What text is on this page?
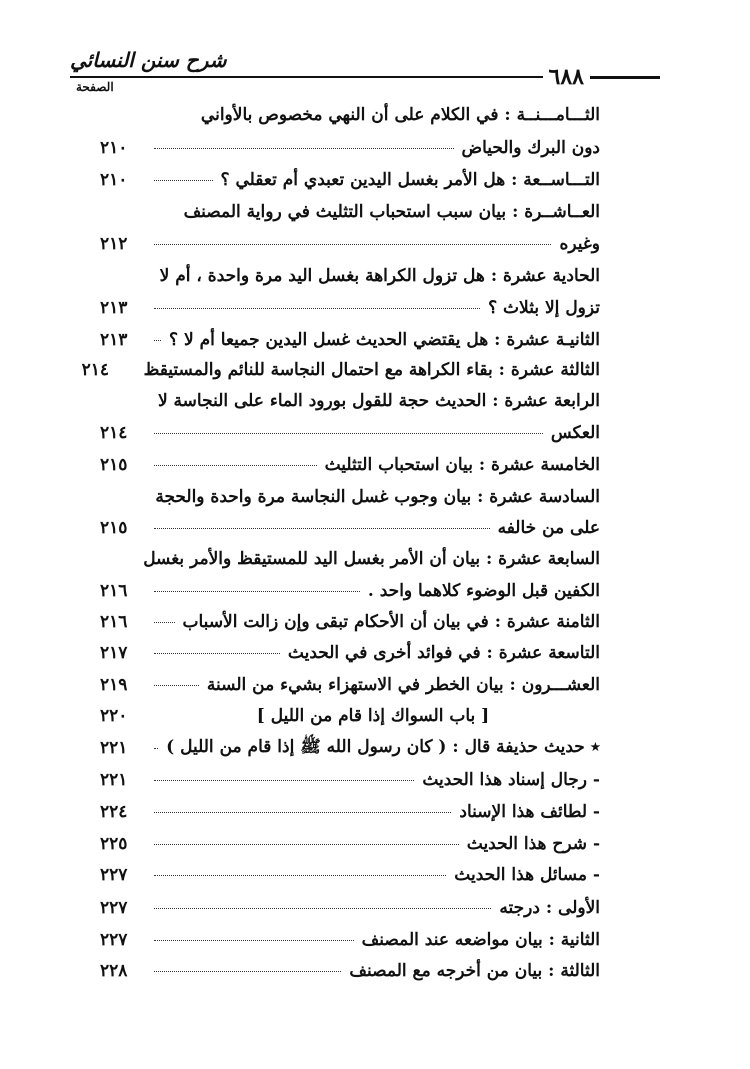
شرح سنن النسائي
٦٨٨
الصفحة
الثـــامـــنــة : في الكلام على أن النهي مخصوص بالأواني
دون البرك والحياض
٢١٠
التـــاســعة : هل الأمر بغسل اليدين تعبدي أم تعقلي ؟
٢١٠
العــاشــرة : بيان سبب استحباب التثليث في رواية المصنف
وغيره
٢١٢
الحادية عشرة : هل تزول الكراهة بغسل اليد مرة واحدة ، أم لا
تزول إلا بثلاث ؟
٢١٣
الثانيـة عشرة : هل يقتضي الحديث غسل اليدين جميعا أم لا ؟
٢١٣
الثالثة عشرة : بقاء الكراهة مع احتمال النجاسة للنائم والمستيقظ
٢١٤
الرابعة عشرة : الحديث حجة للقول بورود الماء على النجاسة لا
العكس
٢١٤
الخامسة عشرة : بيان استحباب التثليث
٢١٥
السادسة عشرة : بيان وجوب غسل النجاسة مرة واحدة والحجة
على من خالفه
٢١٥
السابعة عشرة : بيان أن الأمر بغسل اليد للمستيقظ والأمر بغسل
الكفين قبل الوضوء كلاهما واحد .
٢١٦
الثامنة عشرة : في بيان أن الأحكام تبقى وإن زالت الأسباب
٢١٦
التاسعة عشرة : في فوائد أخرى في الحديث
٢١٧
العشـــرون : بيان الخطر في الاستهزاء بشيء من السنة
٢١٩
[ باب السواك إذا قام من الليل ]
٢٢٠
٭ حديث حذيفة قال : ( كان رسول الله ﷺ إذا قام من الليل )
٢٢١
- رجال إسناد هذا الحديث
٢٢١
- لطائف هذا الإسناد
٢٢٤
- شرح هذا الحديث
٢٢٥
- مسائل هذا الحديث
٢٢٧
الأولى : درجته
٢٢٧
الثانية : بيان مواضعه عند المصنف
٢٢٧
الثالثة : بيان من أخرجه مع المصنف
٢٢٨
